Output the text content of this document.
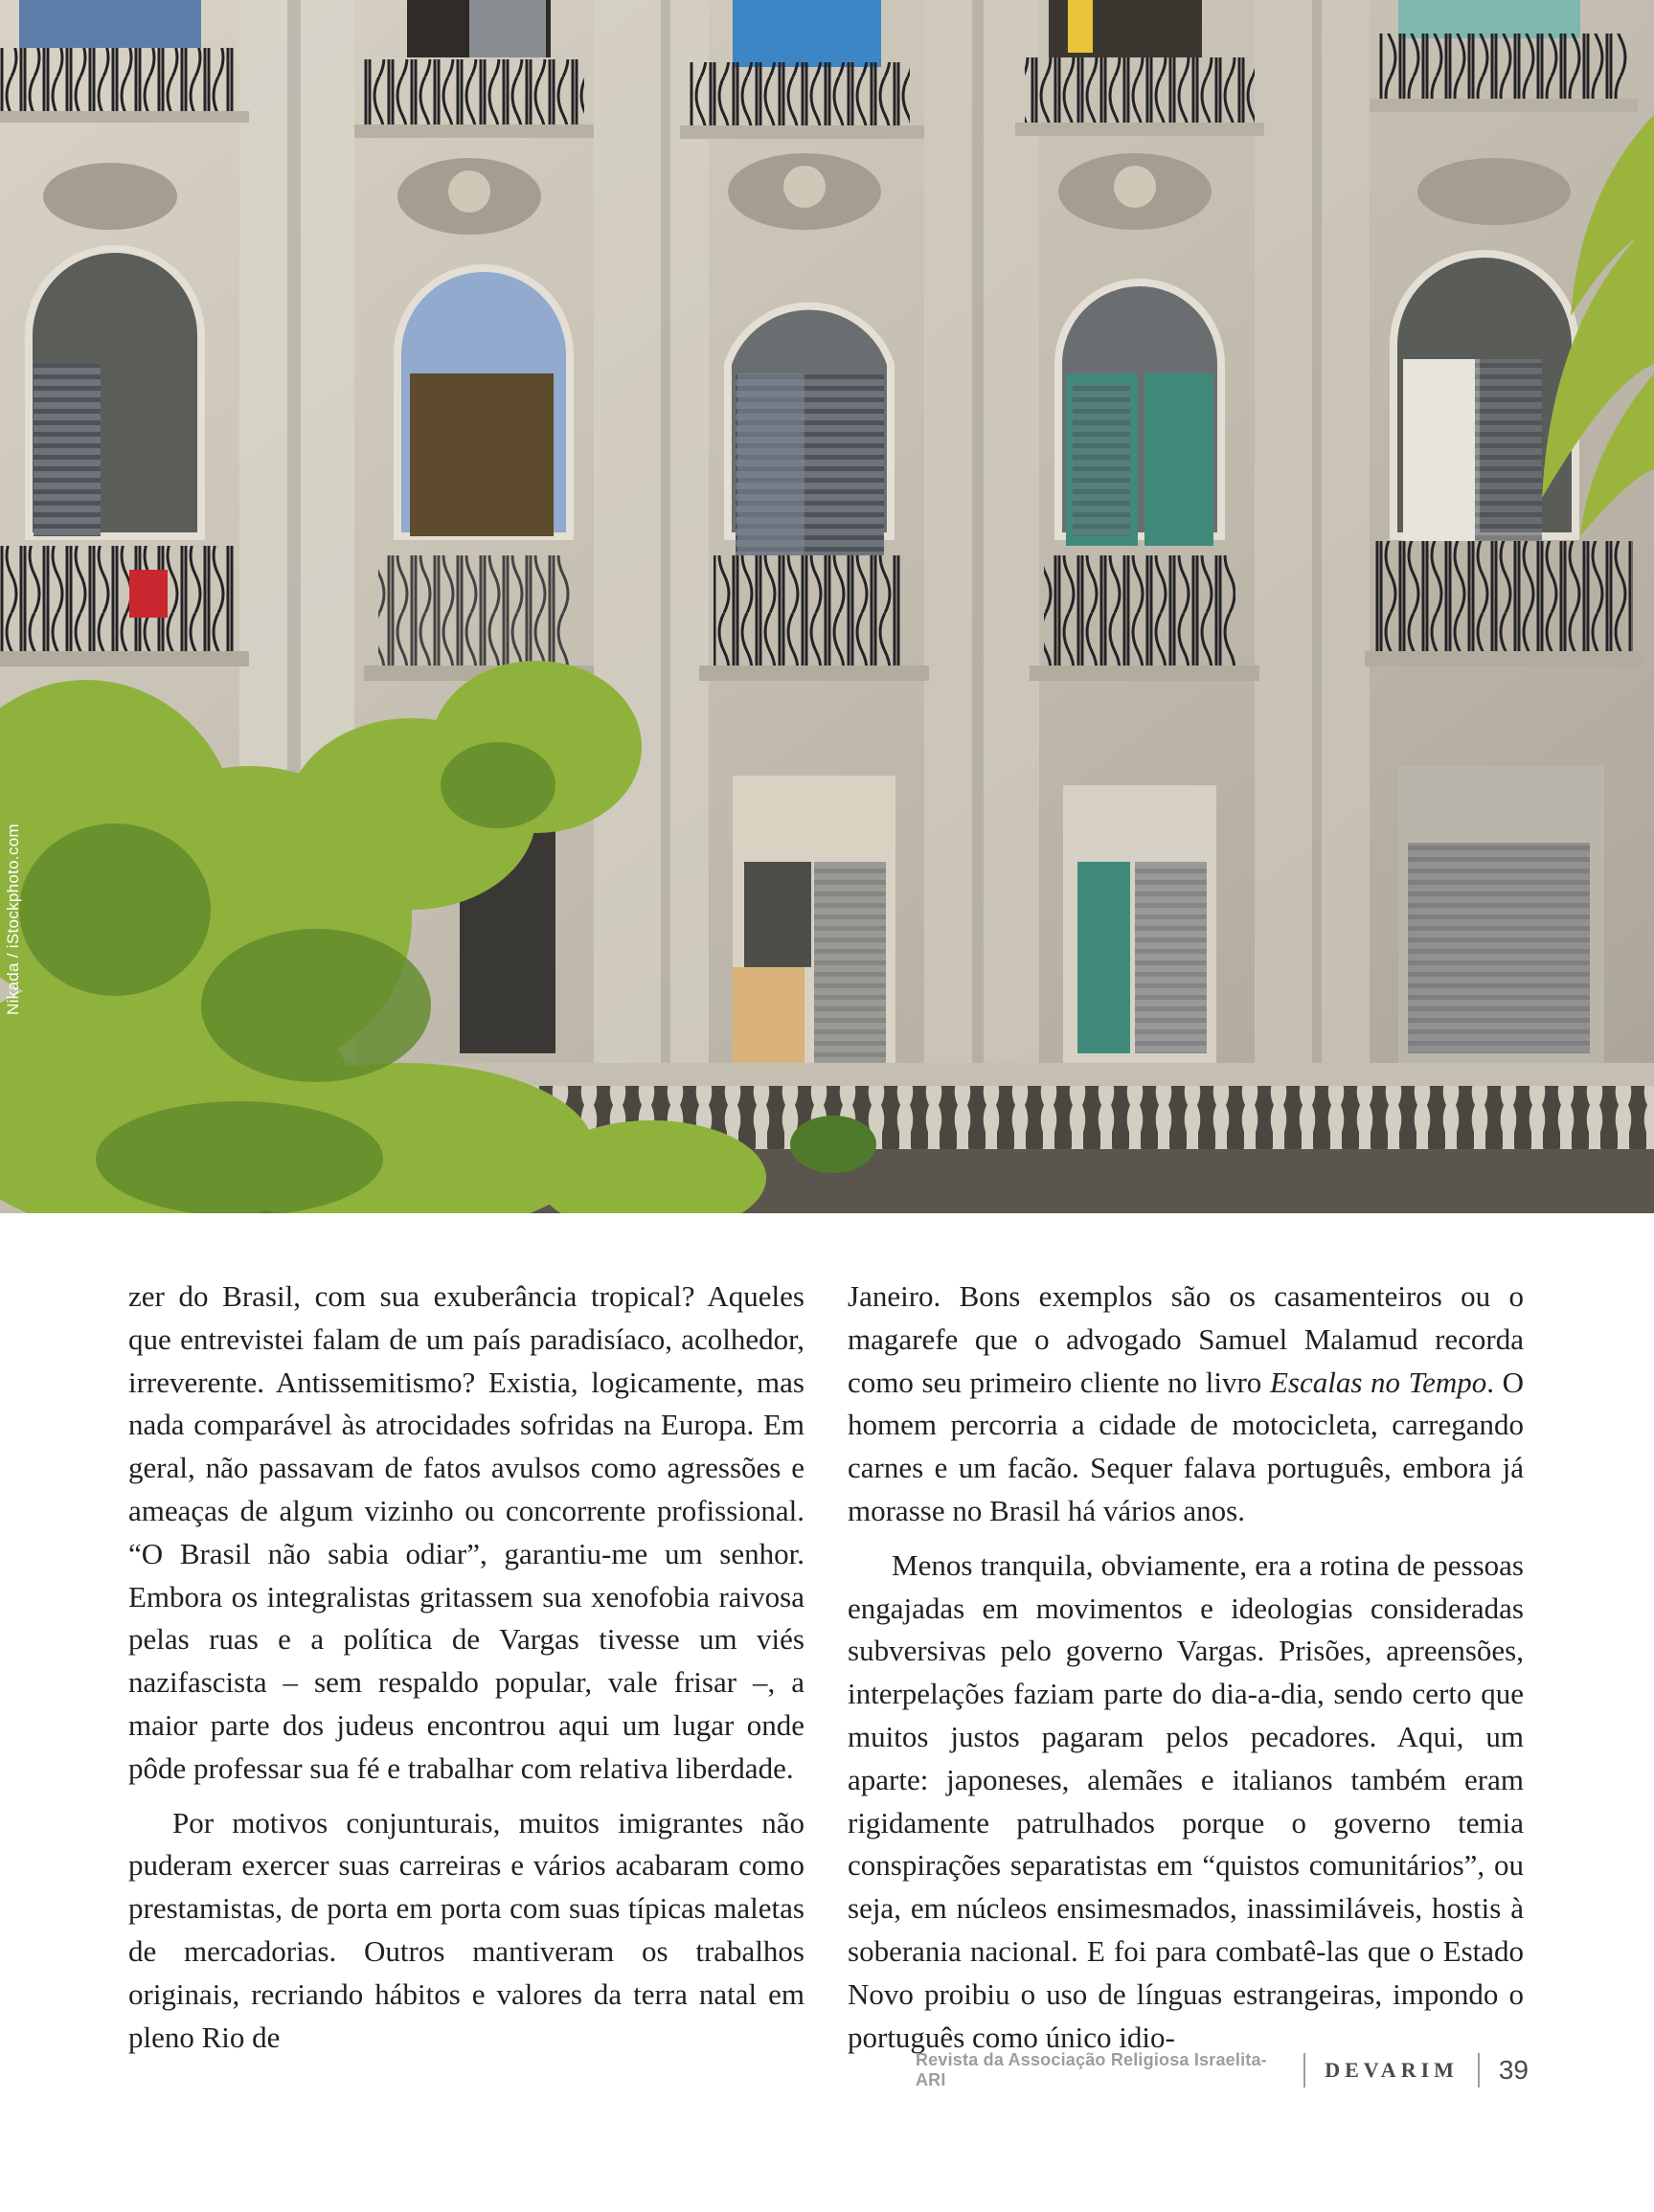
Nikada / iStockphoto.com

zer do Brasil, com sua exuberância tropical? Aqueles que entrevistei falam de um país paradisíaco, acolhedor, irreverente. Antissemitismo? Existia, logicamente, mas nada comparável às atrocidades sofridas na Europa. Em geral, não passavam de fatos avulsos como agressões e ameaças de algum vizinho ou concorrente profissional. “O Brasil não sabia odiar”, garantiu-me um senhor. Embora os integralistas gritassem sua xenofobia raivosa pelas ruas e a política de Vargas tivesse um viés nazifascista – sem respaldo popular, vale frisar –, a maior parte dos judeus encontrou aqui um lugar onde pôde professar sua fé e trabalhar com relativa liberdade.

Por motivos conjunturais, muitos imigrantes não puderam exercer suas carreiras e vários acabaram como prestamistas, de porta em porta com suas típicas maletas de mercadorias. Outros mantiveram os trabalhos originais, recriando hábitos e valores da terra natal em pleno Rio de

Janeiro. Bons exemplos são os casamenteiros ou o magarefe que o advogado Samuel Malamud recorda como seu primeiro cliente no livro Escalas no Tempo. O homem percorria a cidade de motocicleta, carregando carnes e um facão. Sequer falava português, embora já morasse no Brasil há vários anos.

Menos tranquila, obviamente, era a rotina de pessoas engajadas em movimentos e ideologias consideradas subversivas pelo governo Vargas. Prisões, apreensões, interpelações faziam parte do dia-a-dia, sendo certo que muitos justos pagaram pelos pecadores. Aqui, um aparte: japoneses, alemães e italianos também eram rigidamente patrulhados porque o governo temia conspirações separatistas em “quistos comunitários”, ou seja, em núcleos ensimesmados, inassimiláveis, hostis à soberania nacional. E foi para combatê-las que o Estado Novo proibiu o uso de línguas estrangeiras, impondo o português como único idio-

Revista da Associação Religiosa Israelita-ARI	DEVARIM 39
